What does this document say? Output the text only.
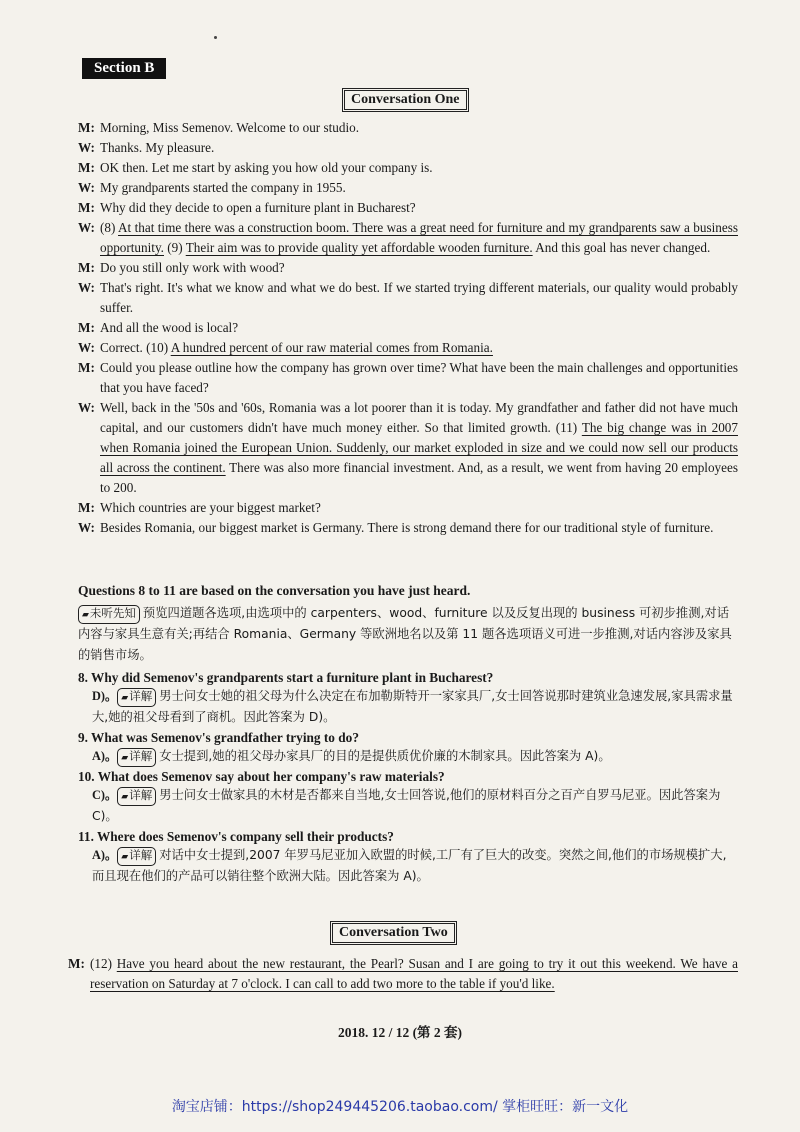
Section B
Conversation One
M: Morning, Miss Semenov. Welcome to our studio.
W: Thanks. My pleasure.
M: OK then. Let me start by asking you how old your company is.
W: My grandparents started the company in 1955.
M: Why did they decide to open a furniture plant in Bucharest?
W: (8) At that time there was a construction boom. There was a great need for furniture and my grandparents saw a business opportunity. (9) Their aim was to provide quality yet affordable wooden furniture. And this goal has never changed.
M: Do you still only work with wood?
W: That's right. It's what we know and what we do best. If we started trying different materials, our quality would probably suffer.
M: And all the wood is local?
W: Correct. (10) A hundred percent of our raw material comes from Romania.
M: Could you please outline how the company has grown over time? What have been the main challenges and opportunities that you have faced?
W: Well, back in the '50s and '60s, Romania was a lot poorer than it is today. My grandfather and father did not have much capital, and our customers didn't have much money either. So that limited growth. (11) The big change was in 2007 when Romania joined the European Union. Suddenly, our market exploded in size and we could now sell our products all across the continent. There was also more financial investment. And, as a result, we went from having 20 employees to 200.
M: Which countries are your biggest market?
W: Besides Romania, our biggest market is Germany. There is strong demand there for our traditional style of furniture.
Questions 8 to 11 are based on the conversation you have just heard.
▰未听先知 预览四道题各选项,由选项中的 carpenters、wood、furniture 以及反复出现的 business 可初步推测,对话内容与家具生意有关;再结合 Romania、Germany 等欧洲地名以及第 11 题各选项语义可进一步推测,对话内容涉及家具的销售市场。
8. Why did Semenov's grandparents start a furniture plant in Bucharest?
D)。 ▰详解 男士问女士她的祖父母为什么决定在布加勒斯特开一家家具厂,女士回答说那时建筑业急速发展,家具需求量大,她的祖父母看到了商机。因此答案为 D)。
9. What was Semenov's grandfather trying to do?
A)。 ▰详解 女士提到,她的祖父母办家具厂的目的是提供质优价廉的木制家具。因此答案为 A)。
10. What does Semenov say about her company's raw materials?
C)。 ▰详解 男士问女士做家具的木材是否都来自当地,女士回答说,他们的原材料百分之百产自罗马尼亚。因此答案为 C)。
11. Where does Semenov's company sell their products?
A)。 ▰详解 对话中女士提到,2007 年罗马尼亚加入欧盟的时候,工厂有了巨大的改变。突然之间,他们的市场规模扩大,而且现在他们的产品可以销往整个欧洲大陆。因此答案为 A)。
Conversation Two
M: (12) Have you heard about the new restaurant, the Pearl? Susan and I are going to try it out this weekend. We have a reservation on Saturday at 7 o'clock. I can call to add two more to the table if you'd like.
2018. 12 / 12 (第 2 套)
淘宝店铺：https://shop249445206.taobao.com/ 掌柜旺旺：新一文化
